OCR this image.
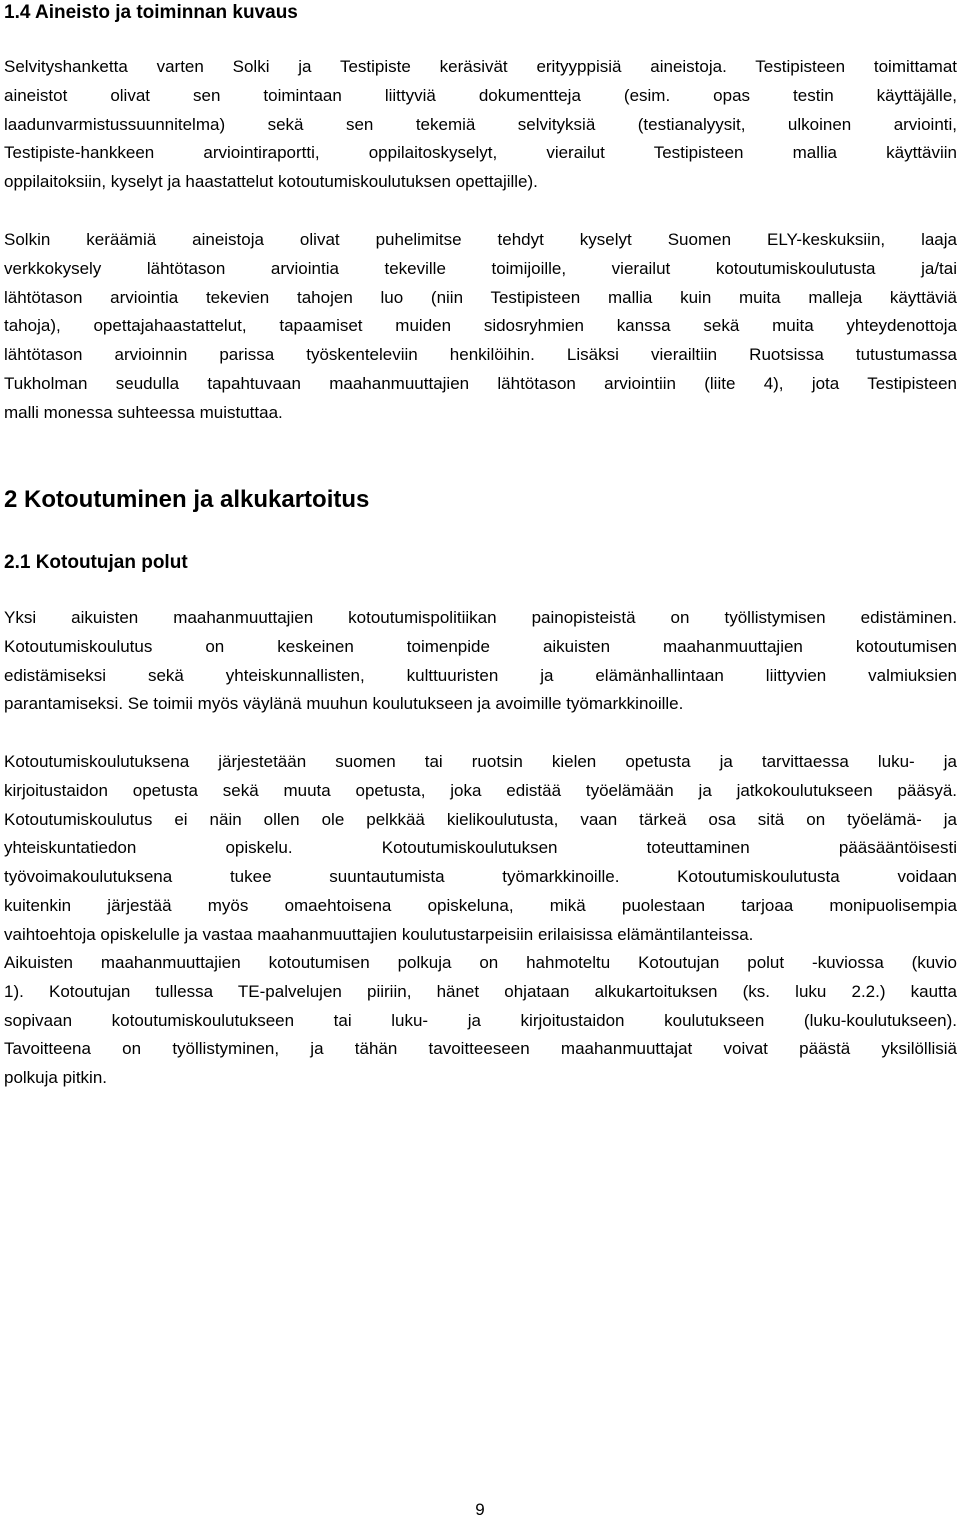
1.4 Aineisto ja toiminnan kuvaus

Selvityshanketta varten Solki ja Testipiste keräsivät erityyppisiä aineistoja. Testipisteen toimittamat
aineistot olivat sen toimintaan liittyviä dokumentteja (esim. opas testin käyttäjälle,
laadunvarmistussuunnitelma) sekä sen tekemiä selvityksiä (testianalyysit, ulkoinen arviointi,
Testipiste-hankkeen arviointiraportti, oppilaitoskyselyt, vierailut Testipisteen mallia käyttäviin
oppilaitoksiin, kyselyt ja haastattelut kotoutumiskoulutuksen opettajille).

Solkin keräämiä aineistoja olivat puhelimitse tehdyt kyselyt Suomen ELY-keskuksiin, laaja
verkkokysely lähtötason arviointia tekeville toimijoille, vierailut kotoutumiskoulutusta ja/tai
lähtötason arviointia tekevien tahojen luo (niin Testipisteen mallia kuin muita malleja käyttäviä
tahoja), opettajahaastattelut, tapaamiset muiden sidosryhmien kanssa sekä muita yhteydenottoja
lähtötason arvioinnin parissa työskenteleviin henkilöihin. Lisäksi vierailtiin Ruotsissa tutustumassa
Tukholman seudulla tapahtuvaan maahanmuuttajien lähtötason arviointiin (liite 4), jota Testipisteen
malli monessa suhteessa muistuttaa.

2 Kotoutuminen ja alkukartoitus
2.1 Kotoutujan polut

Yksi aikuisten maahanmuuttajien kotoutumispolitiikan painopisteistä on työllistymisen edistäminen.
Kotoutumiskoulutus on keskeinen toimenpide aikuisten maahanmuuttajien kotoutumisen
edistämiseksi sekä yhteiskunnallisten, kulttuuristen ja elämänhallintaan liittyvien valmiuksien
parantamiseksi. Se toimii myös väylänä muuhun koulutukseen ja avoimille työmarkkinoille.

Kotoutumiskoulutuksena järjestetään suomen tai ruotsin kielen opetusta ja tarvittaessa luku- ja
kirjoitustaidon opetusta sekä muuta opetusta, joka edistää työelämään ja jatkokoulutukseen pääsyä.
Kotoutumiskoulutus ei näin ollen ole pelkkää kielikoulutusta, vaan tärkeä osa sitä on työelämä- ja
yhteiskuntatiedon opiskelu. Kotoutumiskoulutuksen toteuttaminen pääsääntöisesti
työvoimakoulutuksena tukee suuntautumista työmarkkinoille. Kotoutumiskoulutusta voidaan
kuitenkin järjestää myös omaehtoisena opiskeluna, mikä puolestaan tarjoaa monipuolisempia
vaihtoehtoja opiskelulle ja vastaa maahanmuuttajien koulutustarpeisiin erilaisissa elämäntilanteissa.

Aikuisten maahanmuuttajien kotoutumisen polkuja on hahmoteltu Kotoutujan polut -kuviossa (kuvio
1). Kotoutujan tullessa TE-palvelujen piiriin, hänet ohjataan alkukartoituksen (ks. luku 2.2.) kautta
sopivaan kotoutumiskoulutukseen tai luku- ja kirjoitustaidon koulutukseen (luku-koulutukseen).
Tavoitteena on työllistyminen, ja tähän tavoitteeseen maahanmuuttajat voivat päästä yksilöllisiä
polkuja pitkin.

9
